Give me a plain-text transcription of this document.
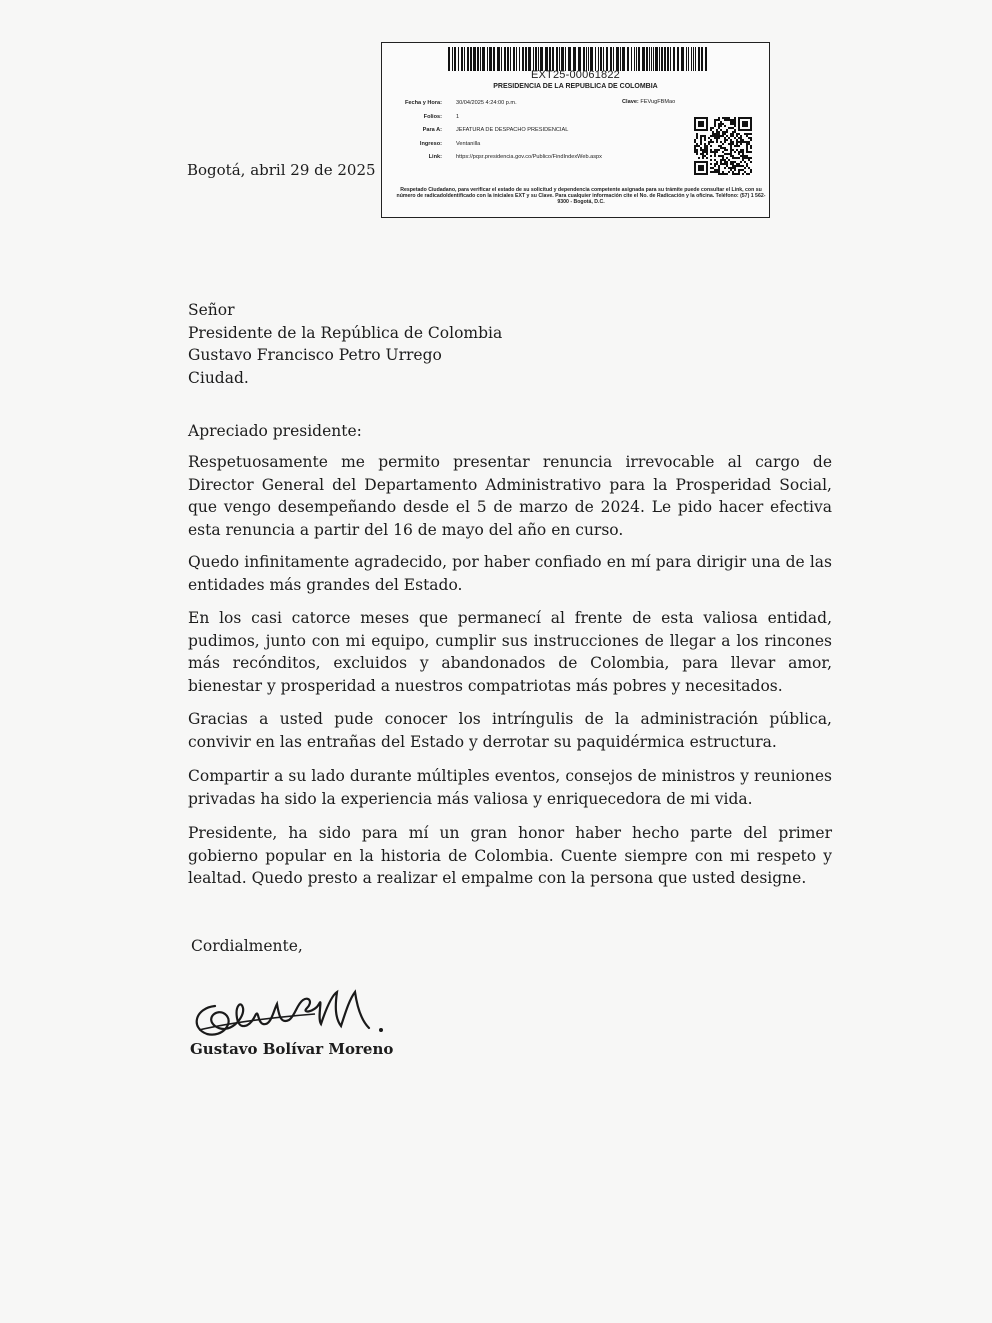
EXT25-00061822
PRESIDENCIA DE LA REPUBLICA DE COLOMBIA
Fecha y Hora:	30/04/2025 4:24:00 p.m.
Folios:	1
Para A:	JEFATURA DE DESPACHO PRESIDENCIAL
Ingreso:	Ventanilla
Link:	https://pqsr.presidencia.gov.co/Publico/FindIndexWeb.aspx
Clave: FEVugFBMao
Respetado Ciudadano, para verificar el estado de su solicitud y dependencia competente asignada para su trámite puede consultar el Link, con su número de radicadoIdentificado con la iniciales EXT y su Clave. Para cualquier información cite el No. de Radicación y la oficina. Teléfono: (57) 1 562-9300 - Bogotá, D.C.
Bogotá, abril 29 de 2025
Señor
Presidente de la República de Colombia
Gustavo Francisco Petro Urrego
Ciudad.
Apreciado presidente:

Respetuosamente me permito presentar renuncia irrevocable al cargo de Director General del Departamento Administrativo para la Prosperidad Social, que vengo desempeñando desde el 5 de marzo de 2024. Le pido hacer efectiva esta renuncia a partir del 16 de mayo del año en curso.

Quedo infinitamente agradecido, por haber confiado en mí para dirigir una de las entidades más grandes del Estado.

En los casi catorce meses que permanecí al frente de esta valiosa entidad, pudimos, junto con mi equipo, cumplir sus instrucciones de llegar a los rincones más recónditos, excluidos y abandonados de Colombia, para llevar amor, bienestar y prosperidad a nuestros compatriotas más pobres y necesitados.

Gracias a usted pude conocer los intríngulis de la administración pública, convivir en las entrañas del Estado y derrotar su paquidérmica estructura.

Compartir a su lado durante múltiples eventos, consejos de ministros y reuniones privadas ha sido la experiencia más valiosa y enriquecedora de mi vida.

Presidente, ha sido para mí un gran honor haber hecho parte del primer gobierno popular en la historia de Colombia. Cuente siempre con mi respeto y lealtad. Quedo presto a realizar el empalme con la persona que usted designe.

Cordialmente,
Gustavo Bolívar Moreno
